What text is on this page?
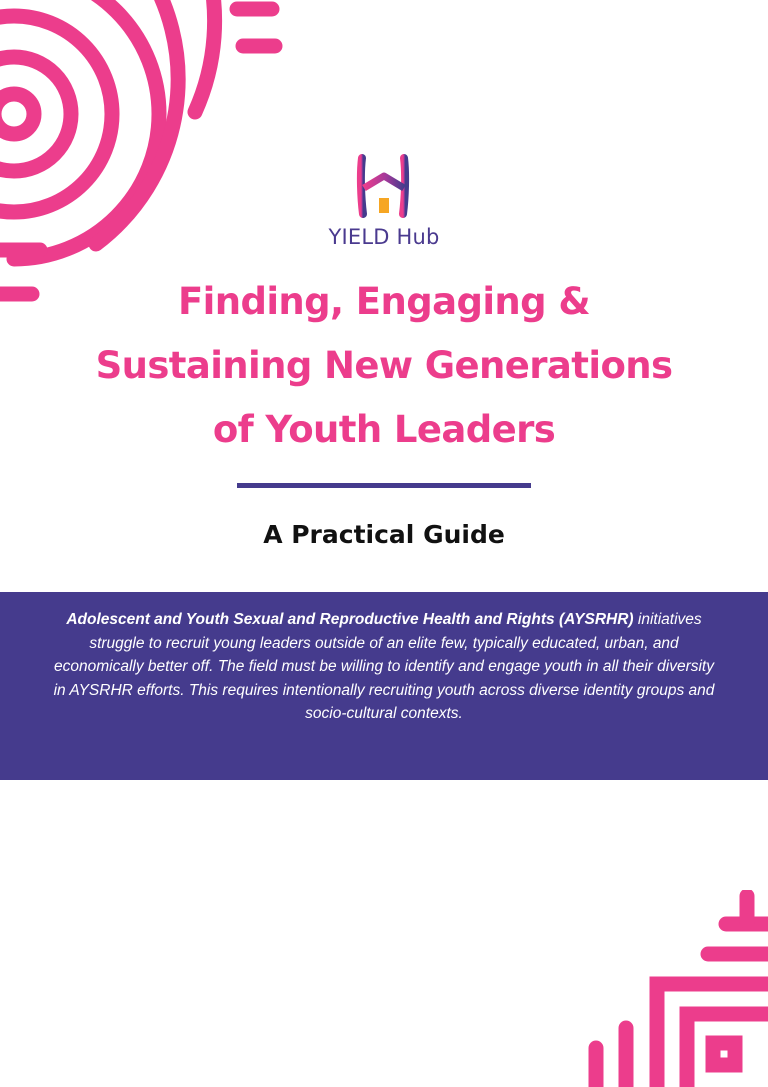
YIELD Hub
Finding, Engaging &
Sustaining New Generations
of Youth Leaders
A Practical Guide

Adolescent and Youth Sexual and Reproductive Health and Rights (AYSRHR) initiatives struggle to recruit young leaders outside of an elite few, typically educated, urban, and economically better off. The field must be willing to identify and engage youth in all their diversity in AYSRHR efforts. This requires intentionally recruiting youth across diverse identity groups and socio-cultural contexts.
